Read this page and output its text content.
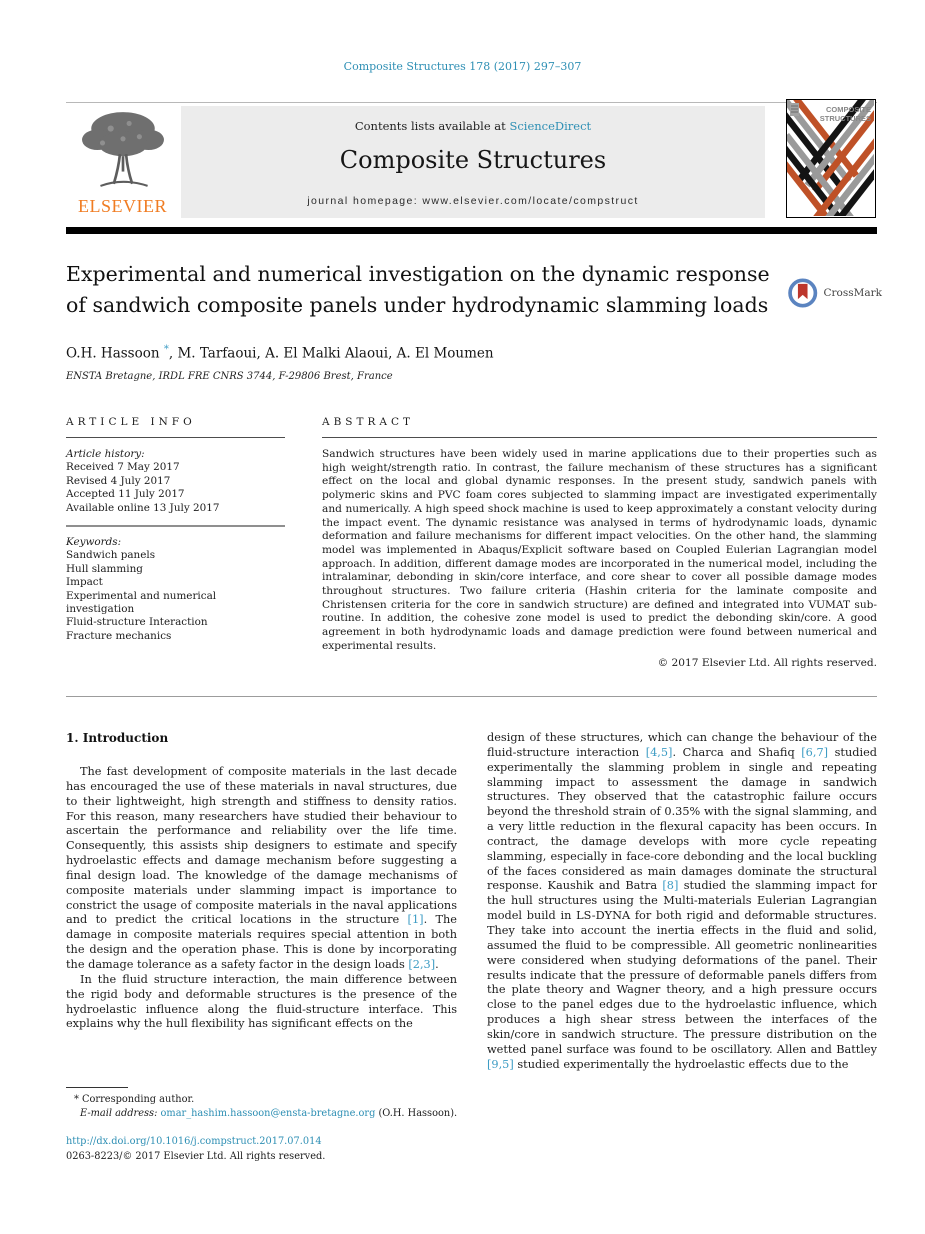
Composite Structures 178 (2017) 297–307
ELSEVIER
Contents lists available at ScienceDirect
Composite Structures
journal homepage: www.elsevier.com/locate/compstruct
COMPOSITE
STRUCTURES
Experimental and numerical investigation on the dynamic response of sandwich composite panels under hydrodynamic slamming loads	CrossMark
O.H. Hassoon *, M. Tarfaoui, A. El Malki Alaoui, A. El Moumen
ENSTA Bretagne, IRDL FRE CNRS 3744, F-29806 Brest, France
ARTICLE INFO
Article history:
Received 7 May 2017
Revised 4 July 2017
Accepted 11 July 2017
Available online 13 July 2017
Keywords:
Sandwich panels
Hull slamming
Impact
Experimental and numerical investigation
Fluid-structure Interaction
Fracture mechanics
ABSTRACT
Sandwich structures have been widely used in marine applications due to their properties such as high weight/strength ratio. In contrast, the failure mechanism of these structures has a significant effect on the local and global dynamic responses. In the present study, sandwich panels with polymeric skins and PVC foam cores subjected to slamming impact are investigated experimentally and numerically. A high speed shock machine is used to keep approximately a constant velocity during the impact event. The dynamic resistance was analysed in terms of hydrodynamic loads, dynamic deformation and failure mechanisms for different impact velocities. On the other hand, the slamming model was implemented in Abaqus/Explicit software based on Coupled Eulerian Lagrangian model approach. In addition, different damage modes are incorporated in the numerical model, including the intralaminar, debonding in skin/core interface, and core shear to cover all possible damage modes throughout structures. Two failure criteria (Hashin criteria for the laminate composite and Christensen criteria for the core in sandwich structure) are defined and integrated into VUMAT sub-routine. In addition, the cohesive zone model is used to predict the debonding skin/core. A good agreement in both hydrodynamic loads and damage prediction were found between numerical and experimental results.
© 2017 Elsevier Ltd. All rights reserved.
1. Introduction

The fast development of composite materials in the last decade has encouraged the use of these materials in naval structures, due to their lightweight, high strength and stiffness to density ratios. For this reason, many researchers have studied their behaviour to ascertain the performance and reliability over the life time. Consequently, this assists ship designers to estimate and specify hydroelastic effects and damage mechanism before suggesting a final design load. The knowledge of the damage mechanisms of composite materials under slamming impact is importance to constrict the usage of composite materials in the naval applications and to predict the critical locations in the structure [1]. The damage in composite materials requires special attention in both the design and the operation phase. This is done by incorporating the damage tolerance as a safety factor in the design loads [2,3].

In the fluid structure interaction, the main difference between the rigid body and deformable structures is the presence of the hydroelastic influence along the fluid-structure interface. This explains why the hull flexibility has significant effects on the

design of these structures, which can change the behaviour of the fluid-structure interaction [4,5]. Charca and Shafiq [6,7] studied experimentally the slamming problem in single and repeating slamming impact to assessment the damage in sandwich structures. They observed that the catastrophic failure occurs beyond the threshold strain of 0.35% with the signal slamming, and a very little reduction in the flexural capacity has been occurs. In contract, the damage develops with more cycle repeating slamming, especially in face-core debonding and the local buckling of the faces considered as main damages dominate the structural response. Kaushik and Batra [8] studied the slamming impact for the hull structures using the Multi-materials Eulerian Lagrangian model build in LS-DYNA for both rigid and deformable structures. They take into account the inertia effects in the fluid and solid, assumed the fluid to be compressible. All geometric nonlinearities were considered when studying deformations of the panel. Their results indicate that the pressure of deformable panels differs from the plate theory and Wagner theory, and a high pressure occurs close to the panel edges due to the hydroelastic influence, which produces a high shear stress between the interfaces of the skin/core in sandwich structure. The pressure distribution on the wetted panel surface was found to be oscillatory. Allen and Battley [9,5] studied experimentally the hydroelastic effects due to the

* Corresponding author.
E-mail address: omar_hashim.hassoon@ensta-bretagne.org (O.H. Hassoon).
http://dx.doi.org/10.1016/j.compstruct.2017.07.014
0263-8223/© 2017 Elsevier Ltd. All rights reserved.
